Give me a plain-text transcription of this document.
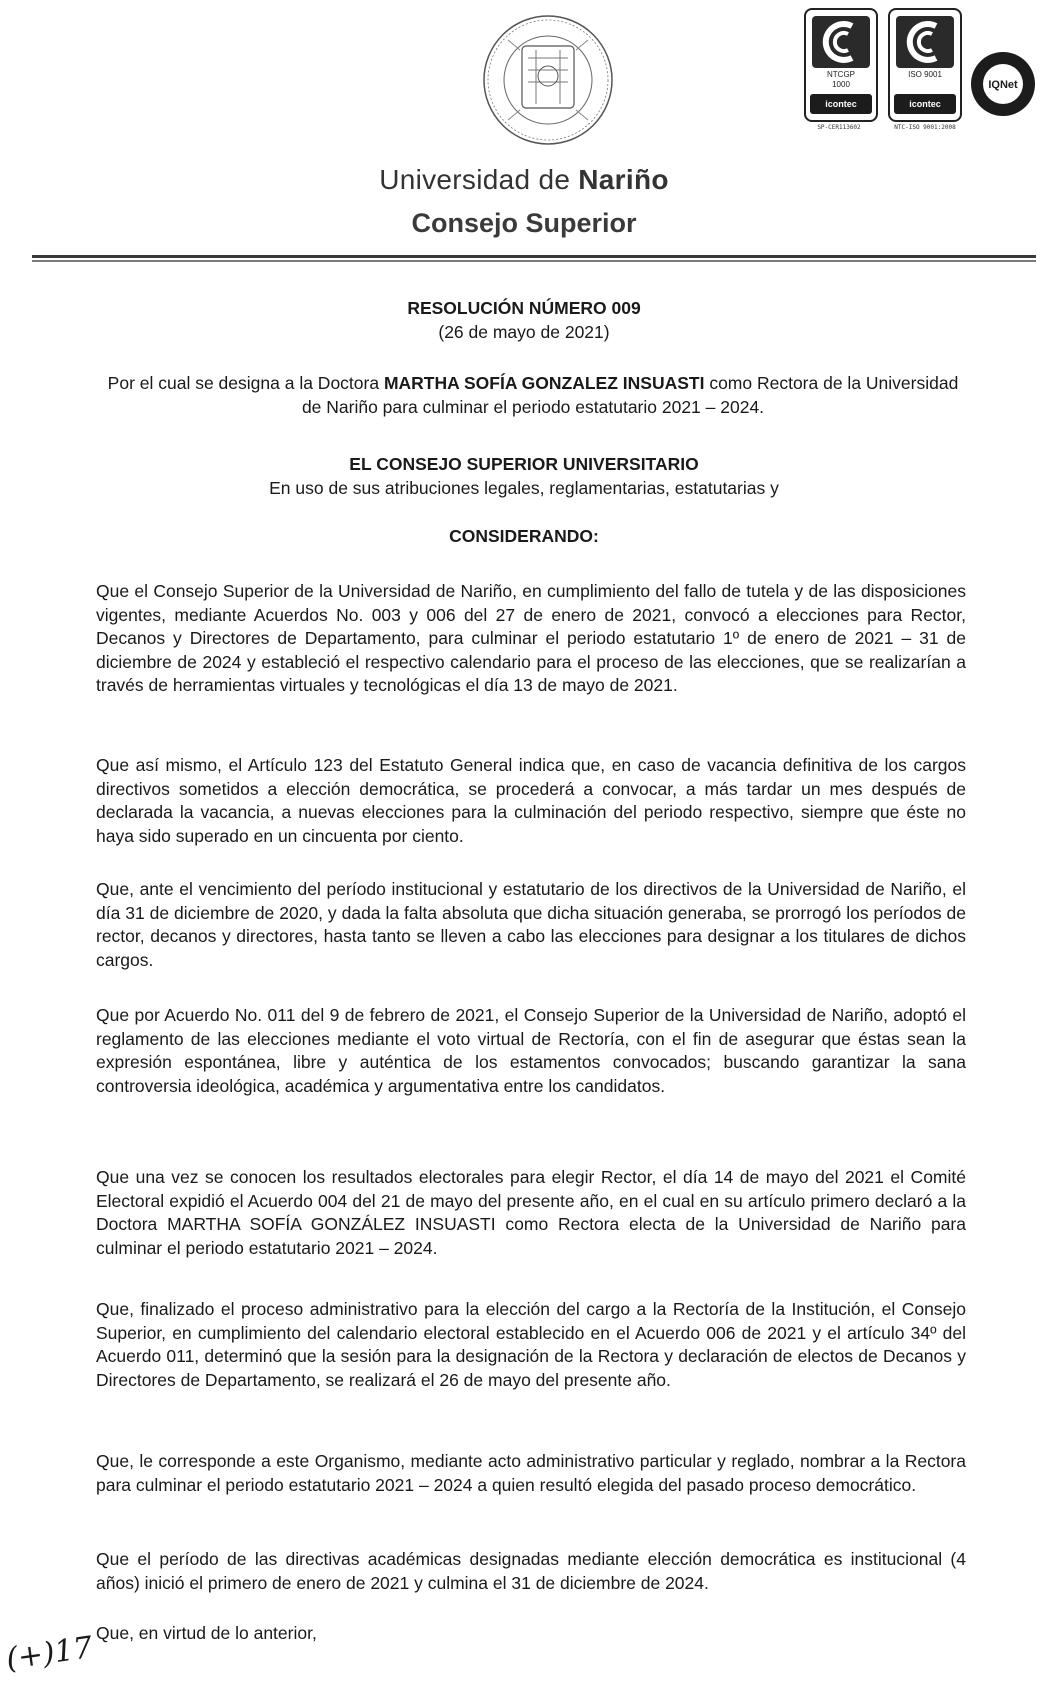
NTCGP
1000
icontec
SP-CER113602
ISO 9001
icontec
NTC-ISO 9001:2008
IQNet
Universidad de Nariño
Consejo Superior
RESOLUCIÓN NÚMERO 009
(26 de mayo de 2021)
Por el cual se designa a la Doctora MARTHA SOFÍA GONZALEZ INSUASTI como Rectora de la Universidad de Nariño para culminar el periodo estatutario 2021 – 2024.
EL CONSEJO SUPERIOR UNIVERSITARIO
En uso de sus atribuciones legales, reglamentarias, estatutarias y
CONSIDERANDO:
Que el Consejo Superior de la Universidad de Nariño, en cumplimiento del fallo de tutela y de las disposiciones vigentes, mediante Acuerdos No. 003 y 006 del 27 de enero de 2021, convocó a elecciones para Rector, Decanos y Directores de Departamento, para culminar el periodo estatutario 1º de enero de 2021 – 31 de diciembre de 2024 y estableció el respectivo calendario para el proceso de las elecciones, que se realizarían a través de herramientas virtuales y tecnológicas el día 13 de mayo de 2021.
Que así mismo, el Artículo 123 del Estatuto General indica que, en caso de vacancia definitiva de los cargos directivos sometidos a elección democrática, se procederá a convocar, a más tardar un mes después de declarada la vacancia, a nuevas elecciones para la culminación del periodo respectivo, siempre que éste no haya sido superado en un cincuenta por ciento.
Que, ante el vencimiento del período institucional y estatutario de los directivos de la Universidad de Nariño, el día 31 de diciembre de 2020, y dada la falta absoluta que dicha situación generaba, se prorrogó los períodos de rector, decanos y directores, hasta tanto se lleven a cabo las elecciones para designar a los titulares de dichos cargos.
Que por Acuerdo No. 011 del 9 de febrero de 2021, el Consejo Superior de la Universidad de Nariño, adoptó el reglamento de las elecciones mediante el voto virtual de Rectoría, con el fin de asegurar que éstas sean la expresión espontánea, libre y auténtica de los estamentos convocados; buscando garantizar la sana controversia ideológica, académica y argumentativa entre los candidatos.
Que una vez se conocen los resultados electorales para elegir Rector, el día 14 de mayo del 2021 el Comité Electoral expidió el Acuerdo 004 del 21 de mayo del presente año, en el cual en su artículo primero declaró a la Doctora MARTHA SOFÍA GONZÁLEZ INSUASTI como Rectora electa de la Universidad de Nariño para culminar el periodo estatutario 2021 – 2024.
Que, finalizado el proceso administrativo para la elección del cargo a la Rectoría de la Institución, el Consejo Superior, en cumplimiento del calendario electoral establecido en el Acuerdo 006 de 2021 y el artículo 34º del Acuerdo 011, determinó que la sesión para la designación de la Rectora y declaración de electos de Decanos y Directores de Departamento, se realizará el 26 de mayo del presente año.
Que, le corresponde a este Organismo, mediante acto administrativo particular y reglado, nombrar a la Rectora para culminar el periodo estatutario 2021 – 2024 a quien resultó elegida del pasado proceso democrático.
Que el período de las directivas académicas designadas mediante elección democrática es institucional (4 años) inició el primero de enero de 2021 y culmina el 31 de diciembre de 2024.
Que, en virtud de lo anterior,
(+)17
